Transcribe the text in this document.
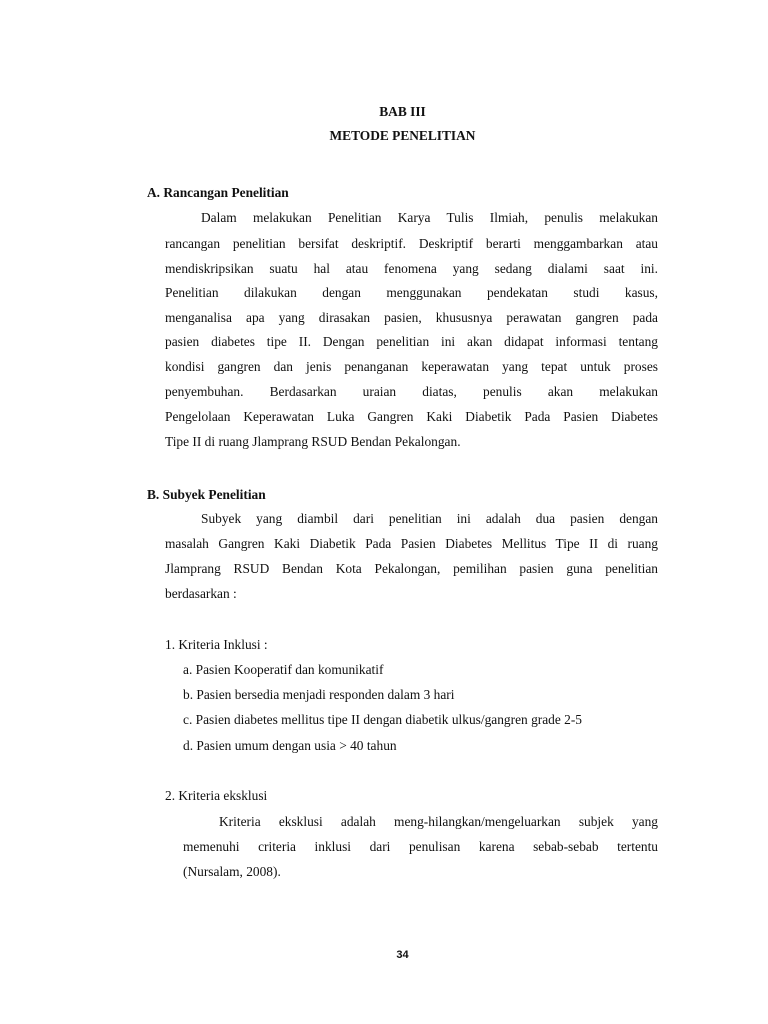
BAB III
METODE PENELITIAN
A. Rancangan Penelitian
Dalam melakukan Penelitian Karya Tulis Ilmiah, penulis melakukan
rancangan penelitian bersifat deskriptif. Deskriptif berarti menggambarkan atau
mendiskripsikan suatu hal atau fenomena yang sedang dialami saat ini.
Penelitian dilakukan dengan menggunakan pendekatan studi kasus,
menganalisa apa yang dirasakan pasien, khususnya perawatan gangren pada
pasien diabetes tipe II. Dengan penelitian ini akan didapat informasi tentang
kondisi gangren dan jenis penanganan keperawatan yang tepat untuk proses
penyembuhan. Berdasarkan uraian diatas, penulis akan melakukan
Pengelolaan Keperawatan Luka Gangren Kaki Diabetik Pada Pasien Diabetes
Tipe II di ruang Jlamprang RSUD Bendan Pekalongan.
B. Subyek Penelitian
Subyek yang diambil dari penelitian ini adalah dua pasien dengan
masalah Gangren Kaki Diabetik Pada Pasien Diabetes Mellitus Tipe II di ruang
Jlamprang RSUD Bendan Kota Pekalongan, pemilihan pasien guna penelitian
berdasarkan :
1. Kriteria Inklusi :
a. Pasien Kooperatif dan komunikatif
b. Pasien bersedia menjadi responden dalam 3 hari
c. Pasien diabetes mellitus tipe II dengan diabetik ulkus/gangren grade 2-5
d. Pasien umum dengan usia > 40 tahun
2. Kriteria eksklusi
Kriteria eksklusi adalah meng-hilangkan/mengeluarkan subjek yang
memenuhi criteria inklusi dari penulisan karena sebab-sebab tertentu
(Nursalam, 2008).
34
